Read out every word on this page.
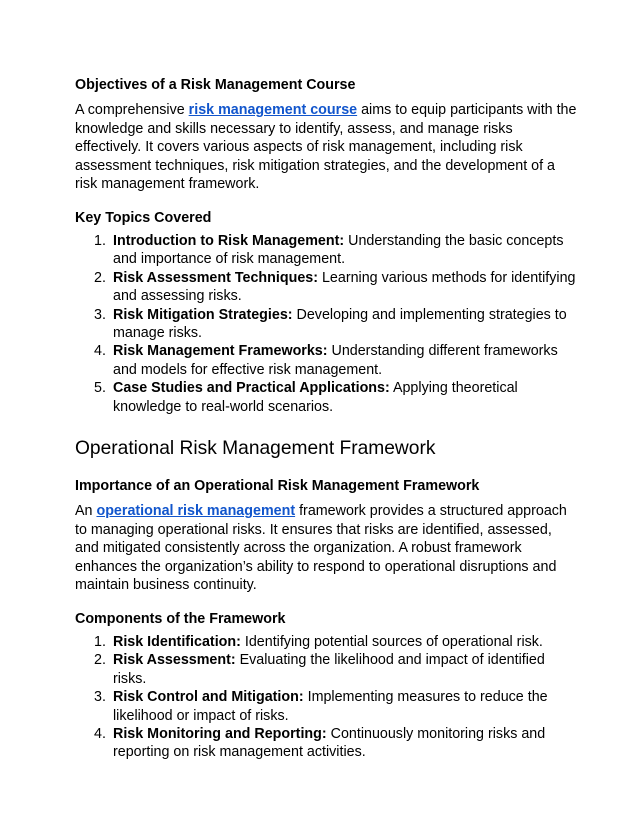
Objectives of a Risk Management Course

A comprehensive risk management course aims to equip participants with the knowledge and skills necessary to identify, assess, and manage risks effectively. It covers various aspects of risk management, including risk assessment techniques, risk mitigation strategies, and the development of a risk management framework.

Key Topics Covered
1. Introduction to Risk Management: Understanding the basic concepts and importance of risk management.
2. Risk Assessment Techniques: Learning various methods for identifying and assessing risks.
3. Risk Mitigation Strategies: Developing and implementing strategies to manage risks.
4. Risk Management Frameworks: Understanding different frameworks and models for effective risk management.
5. Case Studies and Practical Applications: Applying theoretical knowledge to real-world scenarios.
Operational Risk Management Framework
Importance of an Operational Risk Management Framework

An operational risk management framework provides a structured approach to managing operational risks. It ensures that risks are identified, assessed, and mitigated consistently across the organization. A robust framework enhances the organization’s ability to respond to operational disruptions and maintain business continuity.

Components of the Framework
1. Risk Identification: Identifying potential sources of operational risk.
2. Risk Assessment: Evaluating the likelihood and impact of identified risks.
3. Risk Control and Mitigation: Implementing measures to reduce the likelihood or impact of risks.
4. Risk Monitoring and Reporting: Continuously monitoring risks and reporting on risk management activities.
